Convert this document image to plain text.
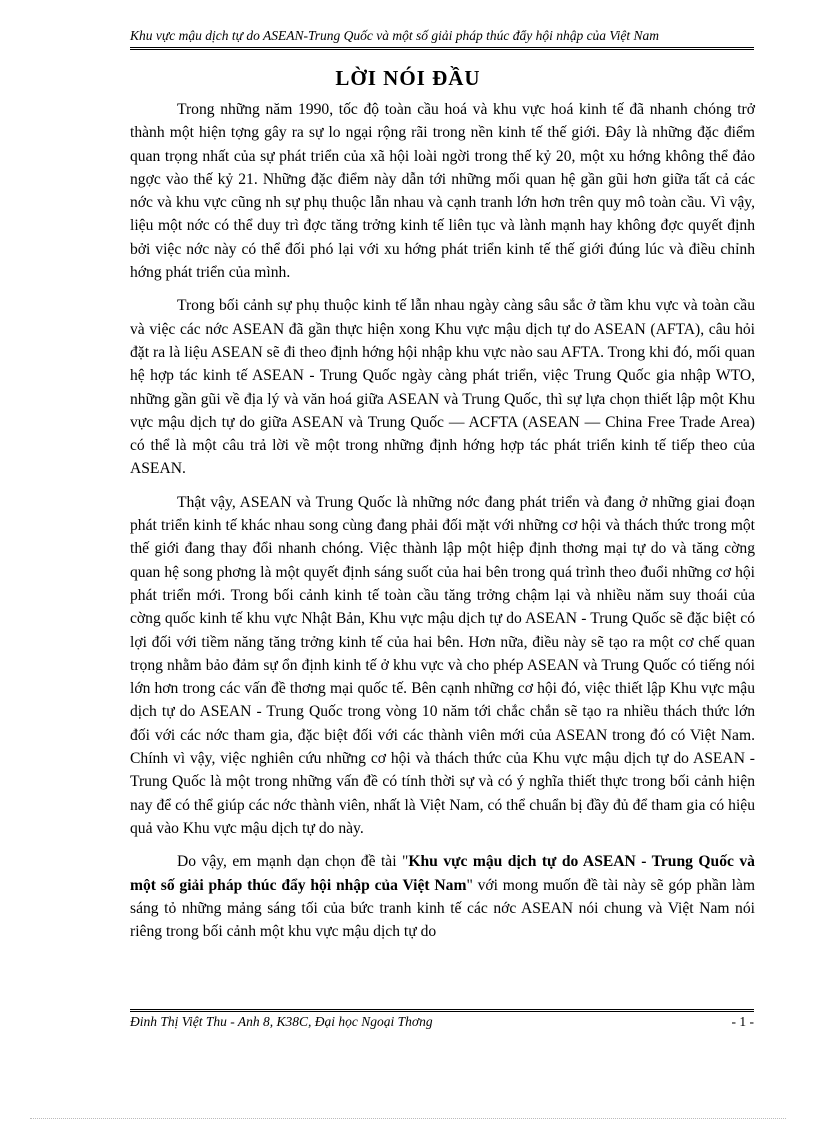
Khu vực mậu dịch tự do ASEAN-Trung Quốc và một số giải pháp thúc đẩy hội nhập của Việt Nam
LỜI NÓI ĐẦU

Trong những năm 1990, tốc độ toàn cầu hoá và khu vực hoá kinh tế đã nhanh chóng trở thành một hiện tợng gây ra sự lo ngại rộng rãi trong nền kinh tế thế giới. Đây là những đặc điểm quan trọng nhất của sự phát triển của xã hội loài ngời trong thế kỷ 20, một xu hớng không thể đảo ngợc vào thế kỷ 21. Những đặc điểm này dẫn tới những mối quan hệ gần gũi hơn giữa tất cả các nớc và khu vực cũng nh sự phụ thuộc lẫn nhau và cạnh tranh lớn hơn trên quy mô toàn cầu. Vì vậy, liệu một nớc có thể duy trì đợc tăng trởng kinh tế liên tục và lành mạnh hay không đợc quyết định bởi việc nớc này có thể đối phó lại với xu hớng phát triển kinh tế thế giới đúng lúc và điều chỉnh hớng phát triển của mình.

Trong bối cảnh sự phụ thuộc kinh tế lẫn nhau ngày càng sâu sắc ở tầm khu vực và toàn cầu và việc các nớc ASEAN đã gần thực hiện xong Khu vực mậu dịch tự do ASEAN (AFTA), câu hỏi đặt ra là liệu ASEAN sẽ đi theo định hớng hội nhập khu vực nào sau AFTA. Trong khi đó, mối quan hệ hợp tác kinh tế ASEAN - Trung Quốc ngày càng phát triển, việc Trung Quốc gia nhập WTO, những gần gũi về địa lý và văn hoá giữa ASEAN và Trung Quốc, thì sự lựa chọn thiết lập một Khu vực mậu dịch tự do giữa ASEAN và Trung Quốc — ACFTA (ASEAN — China Free Trade Area) có thể là một câu trả lời về một trong những định hớng hợp tác phát triển kinh tế tiếp theo của ASEAN.

Thật vậy, ASEAN và Trung Quốc là những nớc đang phát triển và đang ở những giai đoạn phát triển kinh tế khác nhau song cùng đang phải đối mặt với những cơ hội và thách thức trong một thế giới đang thay đổi nhanh chóng. Việc thành lập một hiệp định thơng mại tự do và tăng cờng quan hệ song phơng là một quyết định sáng suốt của hai bên trong quá trình theo đuổi những cơ hội phát triển mới. Trong bối cảnh kinh tế toàn cầu tăng trởng chậm lại và nhiều năm suy thoái của cờng quốc kinh tế khu vực Nhật Bản, Khu vực mậu dịch tự do ASEAN - Trung Quốc sẽ đặc biệt có lợi đối với tiềm năng tăng trởng kinh tế của hai bên. Hơn nữa, điều này sẽ tạo ra một cơ chế quan trọng nhằm bảo đảm sự ổn định kinh tế ở khu vực và cho phép ASEAN và Trung Quốc có tiếng nói lớn hơn trong các vấn đề thơng mại quốc tế. Bên cạnh những cơ hội đó, việc thiết lập Khu vực mậu dịch tự do ASEAN - Trung Quốc trong vòng 10 năm tới chắc chắn sẽ tạo ra nhiều thách thức lớn đối với các nớc tham gia, đặc biệt đối với các thành viên mới của ASEAN trong đó có Việt Nam. Chính vì vậy, việc nghiên cứu những cơ hội và thách thức của Khu vực mậu dịch tự do ASEAN - Trung Quốc là một trong những vấn đề có tính thời sự và có ý nghĩa thiết thực trong bối cảnh hiện nay để có thể giúp các nớc thành viên, nhất là Việt Nam, có thể chuẩn bị đầy đủ để tham gia có hiệu quả vào Khu vực mậu dịch tự do này.

Do vậy, em mạnh dạn chọn đề tài "Khu vực mậu dịch tự do ASEAN - Trung Quốc và một số giải pháp thúc đẩy hội nhập của Việt Nam" với mong muốn đề tài này sẽ góp phần làm sáng tỏ những mảng sáng tối của bức tranh kinh tế các nớc ASEAN nói chung và Việt Nam nói riêng trong bối cảnh một khu vực mậu dịch tự do

Đinh Thị Việt Thu - Anh 8, K38C, Đại học Ngoại Thơng	- 1 -
